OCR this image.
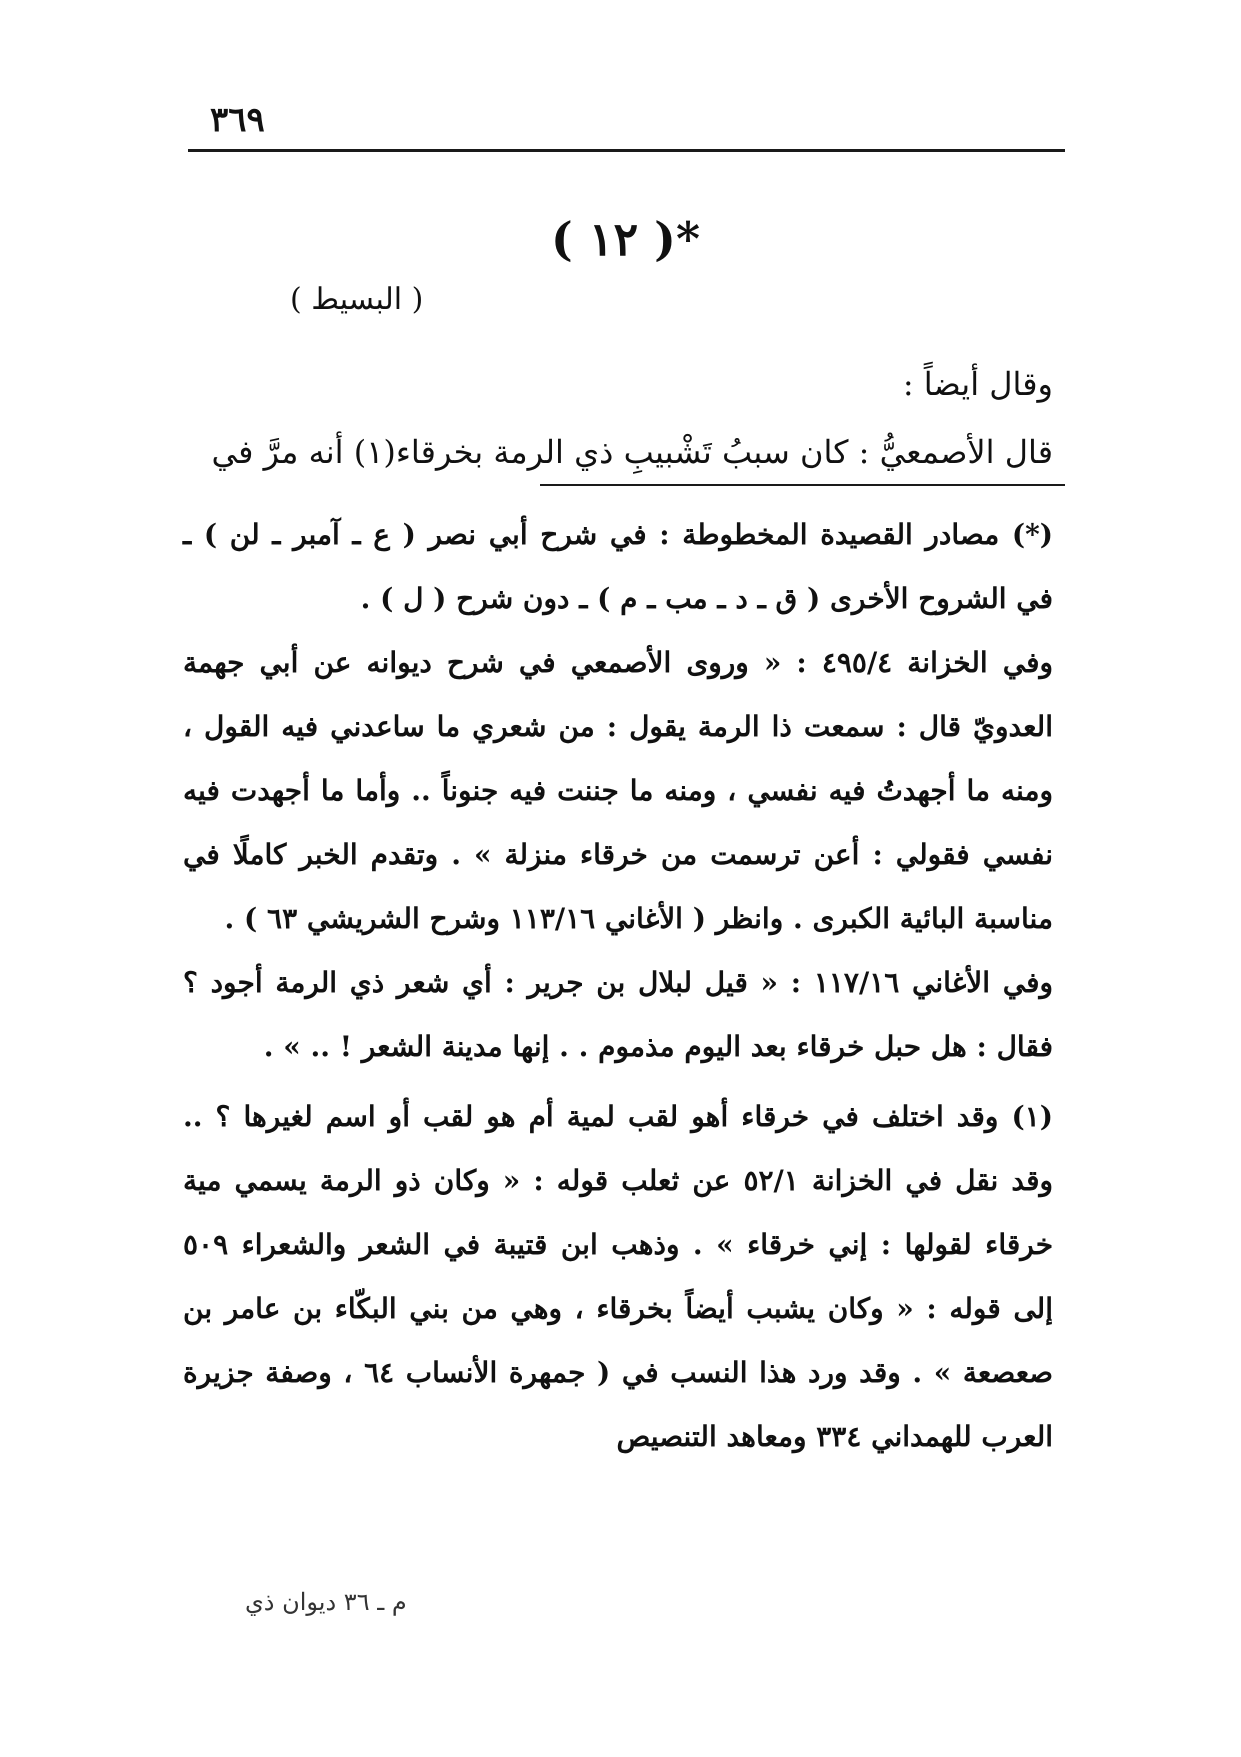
٣٦٩
*( ١٢ )
( البسيط )
وقال أيضاً :
قال الأصمعيُّ : كان سببُ تَشْبيبِ ذي الرمة بخرقاء(١) أنه مرَّ في
(*) مصادر القصيدة المخطوطة : في شرح أبي نصر ( ع ـ آمبر ـ لن ) ـ في الشروح الأخرى ( ق ـ د ـ مب ـ م ) ـ دون شرح ( ل ) .
وفي الخزانة ٤٩٥/٤ : « وروى الأصمعي في شرح ديوانه عن أبي جهمة العدويّ قال : سمعت ذا الرمة يقول : من شعري ما ساعدني فيه القول ، ومنه ما أجهدتُ فيه نفسي ، ومنه ما جننت فيه جنوناً .. وأما ما أجهدت فيه نفسي فقولي : أعن ترسمت من خرقاء منزلة » . وتقدم الخبر كاملًا في مناسبة البائية الكبرى . وانظر ( الأغاني ١١٣/١٦ وشرح الشريشي ٦٣ ) .
وفي الأغاني ١١٧/١٦ : « قيل لبلال بن جرير : أي شعر ذي الرمة أجود ؟ فقال : هل حبل خرقاء بعد اليوم مذموم . . إنها مدينة الشعر ! .. » .
(١) وقد اختلف في خرقاء أهو لقب لمية أم هو لقب أو اسم لغيرها ؟ .. وقد نقل في الخزانة ٥٢/١ عن ثعلب قوله : « وكان ذو الرمة يسمي مية خرقاء لقولها : إني خرقاء » . وذهب ابن قتيبة في الشعر والشعراء ٥٠٩ إلى قوله : « وكان يشبب أيضاً بخرقاء ، وهي من بني البكّاء بن عامر بن صعصعة » . وقد ورد هذا النسب في ( جمهرة الأنساب ٦٤ ، وصفة جزيرة العرب للهمداني ٣٣٤ ومعاهد التنصيص
م ـ ٣٦ ديوان ذي
